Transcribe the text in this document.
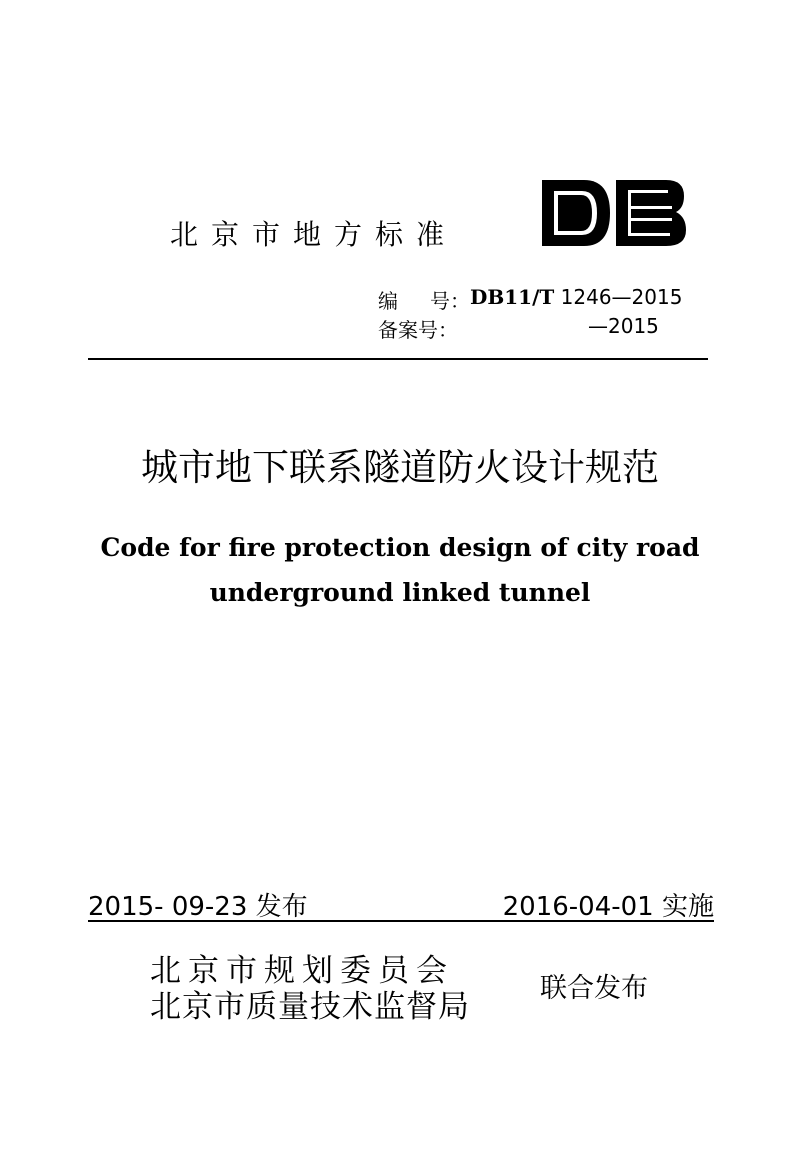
北京市地方标准
编 号： DB11/T 1246—2015
备案号：	—2015
城市地下联系隧道防火设计规范
Code for fire protection design of city road
underground linked tunnel
2015- 09-23 发布	2016-04-01 实施
北京市规划委员会
北京市质量技术监督局
联合发布
